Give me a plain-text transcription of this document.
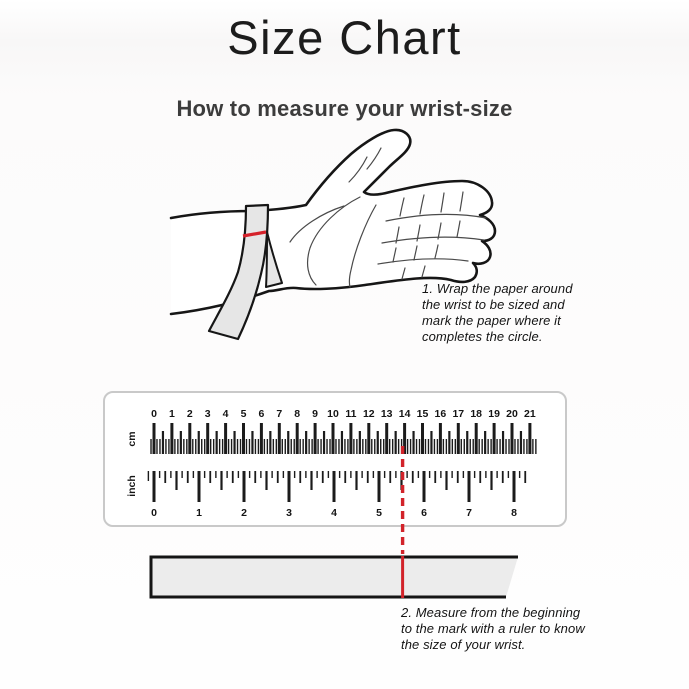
Size Chart
How to measure your wrist-size
1. Wrap the paper around the wrist to be sized and mark the paper where it completes the circle.
0 1 2 3 4 5 6 7 8 9 10 11 12 13 14 15 16 17 18 19 20 21
cm
0	1	2	3	4	5	6	7	8
inch
2. Measure from the beginning to the mark with a ruler to know the size of your wrist.
